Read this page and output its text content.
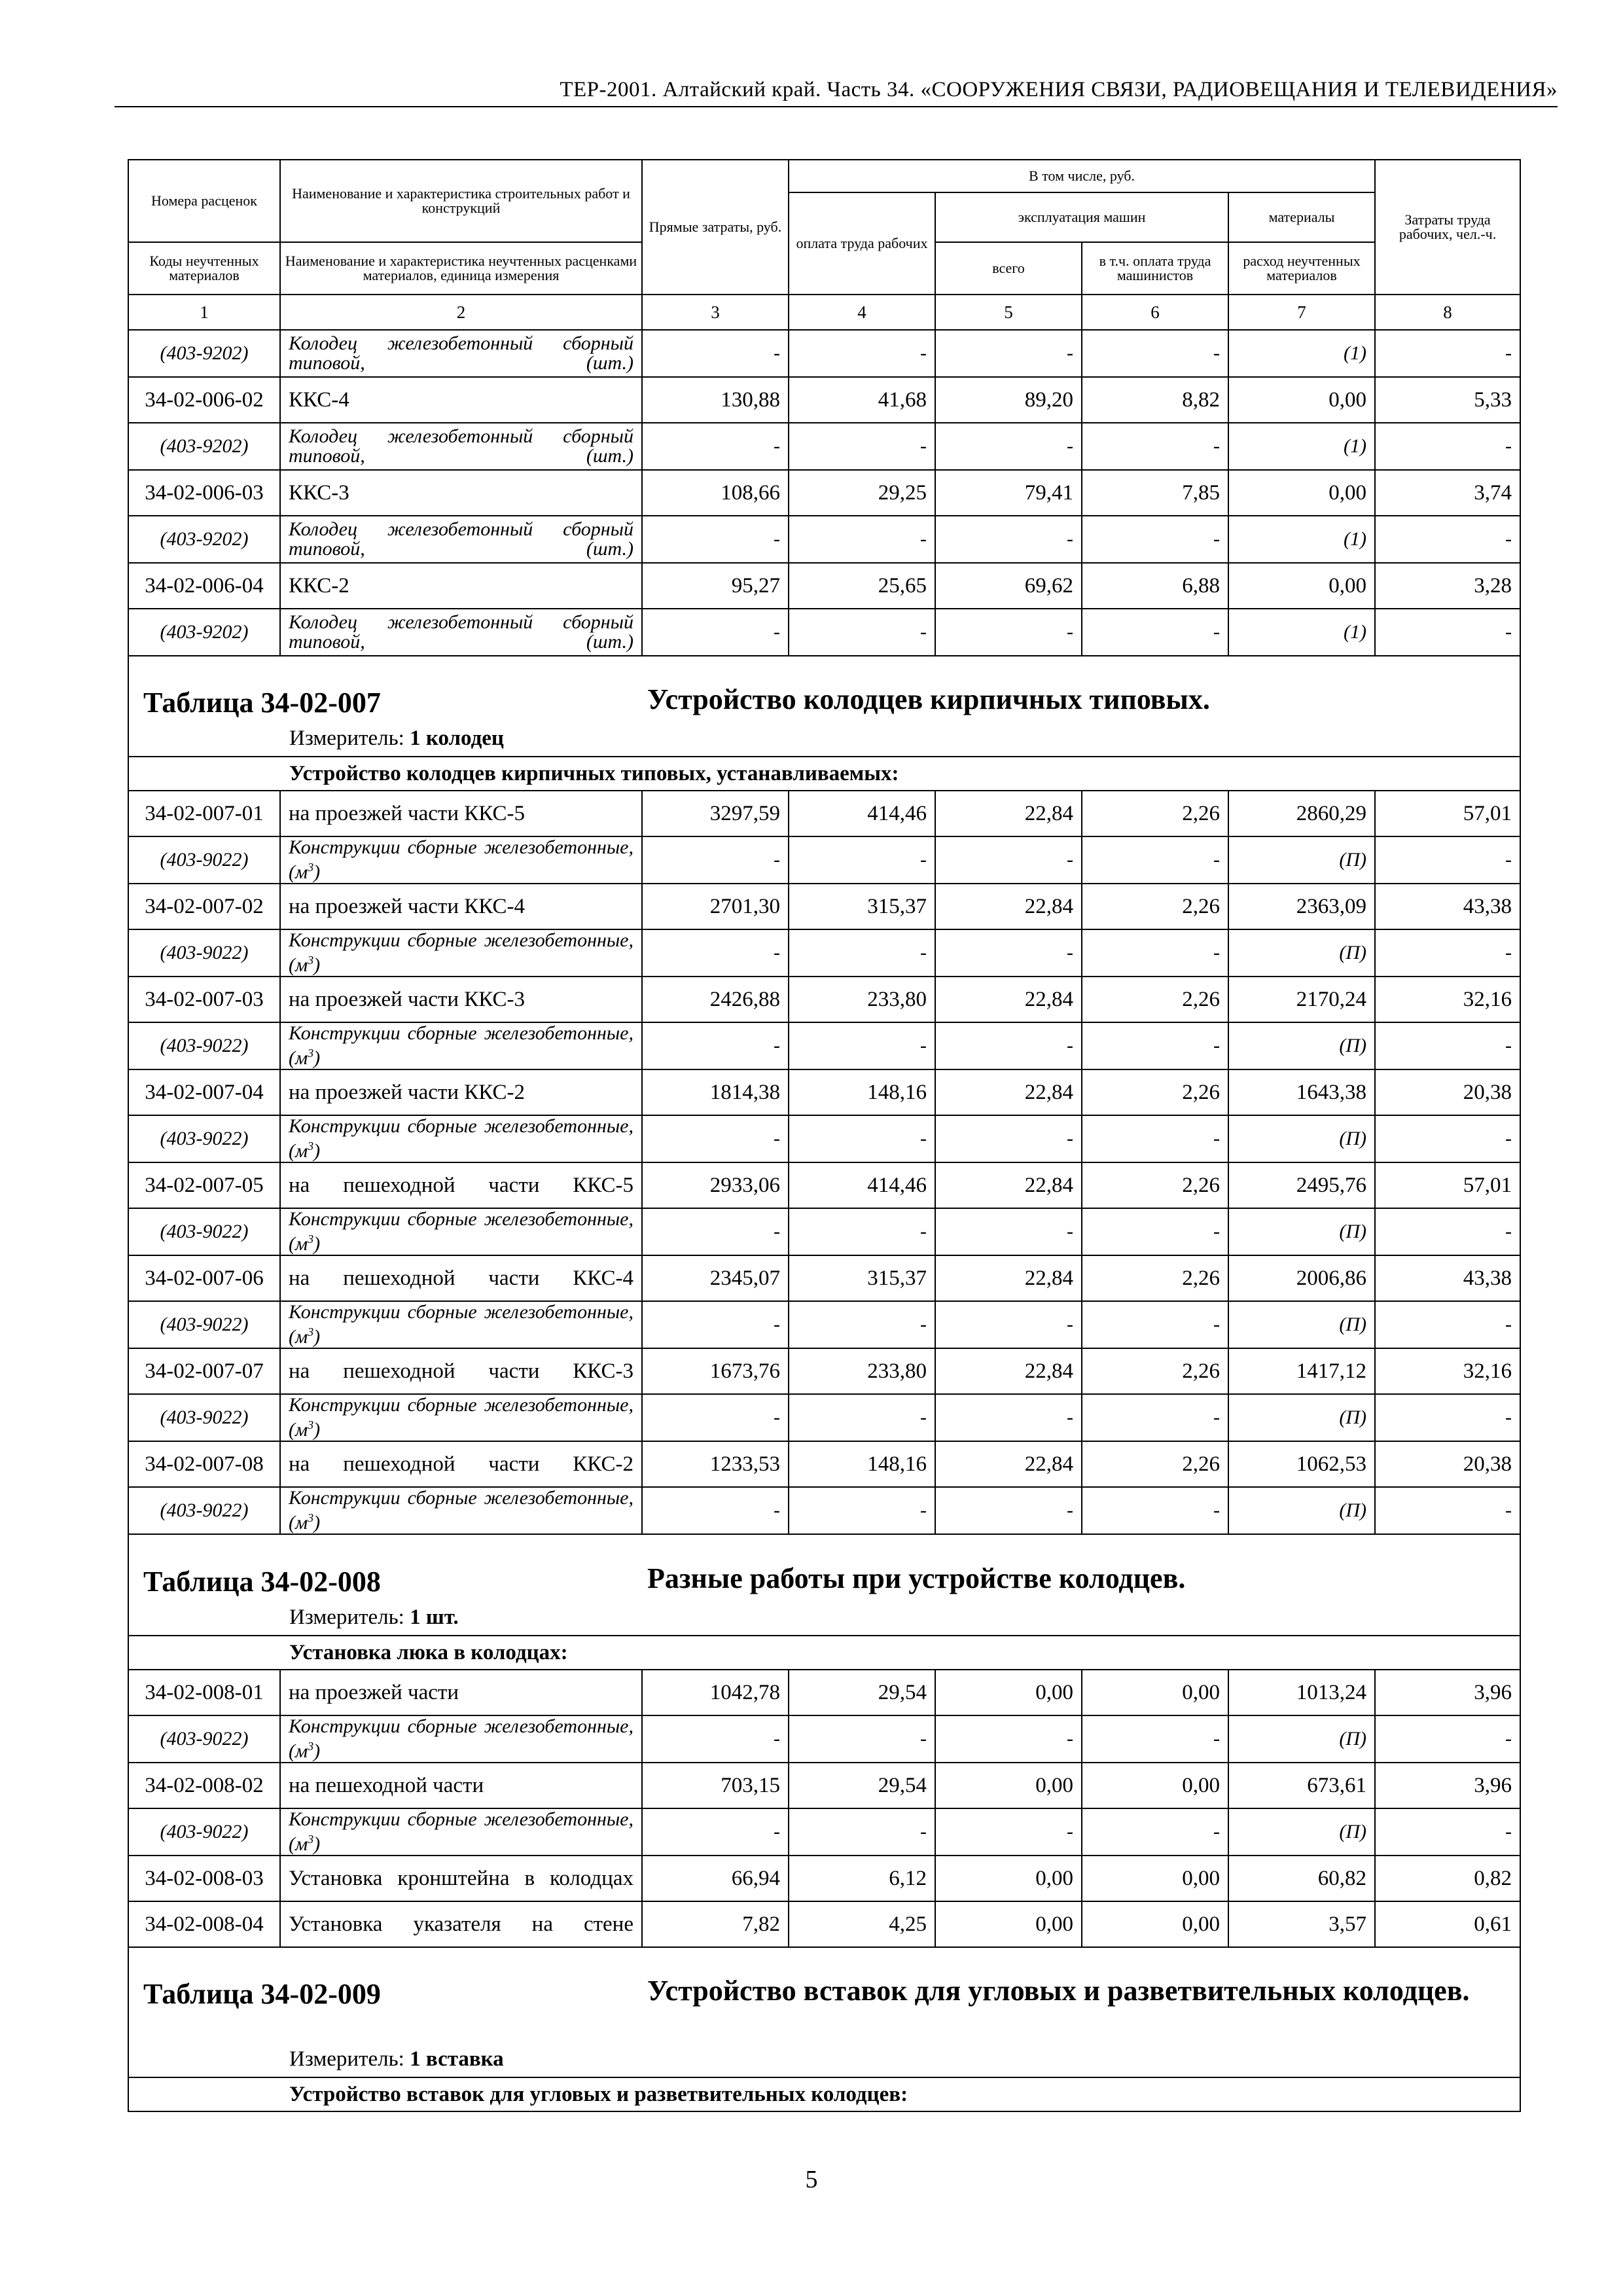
ТЕР-2001. Алтайский край. Часть 34. «СООРУЖЕНИЯ СВЯЗИ, РАДИОВЕЩАНИЯ И ТЕЛЕВИДЕНИЯ»
Номера расценок	Наименование и характеристика строительных работ и конструкций	Прямые затраты, руб.	В том числе, руб.				Затраты труда рабочих, чел.-ч.
			оплата труда рабочих	эксплуатация машин		материалы	
Коды неучтенных материалов	Наименование и характеристика неучтенных расценками материалов, единица измерения			всего	в т.ч. оплата труда машинистов	расход неучтенных матеpиалов	
1	2	3	4	5	6	7	8
(403-9202)	Колодец железобетонный сборный типовой, (шт.)	-	-	-	-	(1)	-
34-02-006-02	ККС-4	130,88	41,68	89,20	8,82	0,00	5,33
(403-9202)	Колодец железобетонный сборный типовой, (шт.)	-	-	-	-	(1)	-
34-02-006-03	ККС-3	108,66	29,25	79,41	7,85	0,00	3,74
(403-9202)	Колодец железобетонный сборный типовой, (шт.)	-	-	-	-	(1)	-
34-02-006-04	ККС-2	95,27	25,65	69,62	6,88	0,00	3,28
(403-9202)	Колодец железобетонный сборный типовой, (шт.)	-	-	-	-	(1)	-

Таблица 34-02-007 Устройство колодцев кирпичных типовых.
Измеритель: 1 колодец							

Устройство колодцев кирпичных типовых, устанавливаемых:							
34-02-007-01	на проезжей части ККС-5	3297,59	414,46	22,84	2,26	2860,29	57,01
(403-9022)	Конструкции сборные железобетонные, $(м^3)$	-	-	-	-	(П)	-
34-02-007-02	на проезжей части ККС-4	2701,30	315,37	22,84	2,26	2363,09	43,38
(403-9022)	Конструкции сборные железобетонные, $(м^3)$	-	-	-	-	(П)	-
34-02-007-03	на проезжей части ККС-3	2426,88	233,80	22,84	2,26	2170,24	32,16
(403-9022)	Конструкции сборные железобетонные, $(м^3)$	-	-	-	-	(П)	-
34-02-007-04	на проезжей части ККС-2	1814,38	148,16	22,84	2,26	1643,38	20,38
(403-9022)	Конструкции сборные железобетонные, $(м^3)$	-	-	-	-	(П)	-
34-02-007-05	на пешеходной части ККС-5	2933,06	414,46	22,84	2,26	2495,76	57,01
(403-9022)	Конструкции сборные железобетонные, $(м^3)$	-	-	-	-	(П)	-
34-02-007-06	на пешеходной части ККС-4	2345,07	315,37	22,84	2,26	2006,86	43,38
(403-9022)	Конструкции сборные железобетонные, $(м^3)$	-	-	-	-	(П)	-
34-02-007-07	на пешеходной части ККС-3	1673,76	233,80	22,84	2,26	1417,12	32,16
(403-9022)	Конструкции сборные железобетонные, $(м^3)$	-	-	-	-	(П)	-
34-02-007-08	на пешеходной части ККС-2	1233,53	148,16	22,84	2,26	1062,53	20,38
(403-9022)	Конструкции сборные железобетонные, $(м^3)$	-	-	-	-	(П)	-

Таблица 34-02-008 Разные работы при устройстве колодцев.
Измеритель: 1 шт.							

Установка люка в колодцах:							
34-02-008-01	на проезжей части	1042,78	29,54	0,00	0,00	1013,24	3,96
(403-9022)	Конструкции сборные железобетонные, $(м^3)$	-	-	-	-	(П)	-
34-02-008-02	на пешеходной части	703,15	29,54	0,00	0,00	673,61	3,96
(403-9022)	Конструкции сборные железобетонные, $(м^3)$	-	-	-	-	(П)	-
34-02-008-03	Установка кронштейна в колодцах	66,94	6,12	0,00	0,00	60,82	0,82
34-02-008-04	Установка указателя на стене	7,82	4,25	0,00	0,00	3,57	0,61

Таблица 34-02-009 Устройство вставок для угловых и разветвительных колодцев.
Измеритель: 1 вставка							

Устройство вставок для угловых и разветвительных колодцев:							
5
